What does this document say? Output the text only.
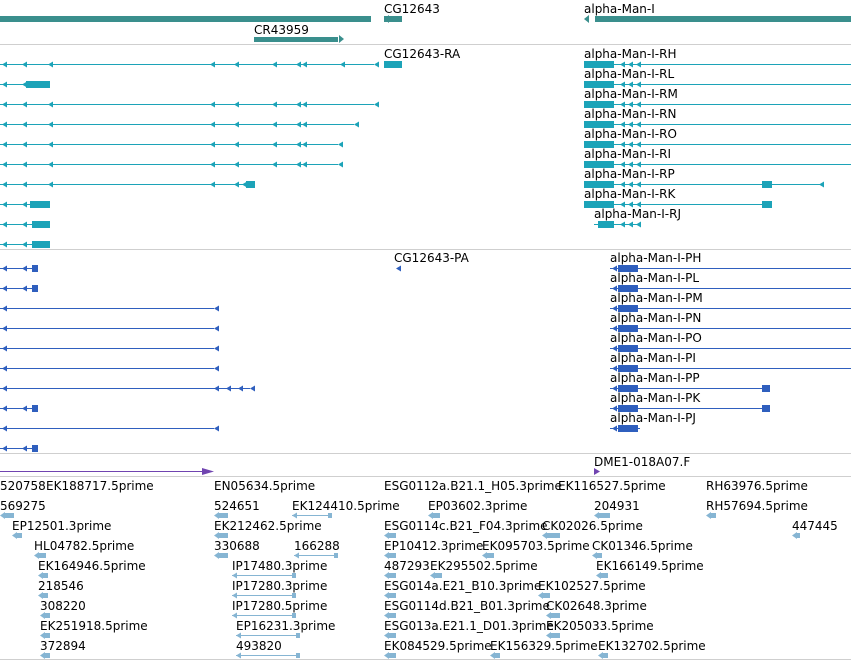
CG12643	alpha-Man-I
CR43959
CG12643-RA	alpha-Man-I-RH
alpha-Man-I-RL
alpha-Man-I-RM
alpha-Man-I-RN
alpha-Man-I-RO
alpha-Man-I-RI
alpha-Man-I-RP
alpha-Man-I-RK
alpha-Man-I-RJ
CG12643-PA	alpha-Man-I-PH
alpha-Man-I-PL
alpha-Man-I-PM
alpha-Man-I-PN
alpha-Man-I-PO
alpha-Man-I-PI
alpha-Man-I-PP
alpha-Man-I-PK
alpha-Man-I-PJ
DME1-018A07.F
520758 EK188717.5prime	EN05634.5prime	ESG0112a.B21.1_H05.3prime
EK116527.5prime	RH63976.5prime
569275	524651	EK124410.5prime EP03602.3prime	204931	RH57694.5prime
EP12501.3prime	EK212462.5prime	ESG0114c.B21_F04.3prime
CK02026.5prime	447445
HL04782.5prime	330688	166288	EP10412.3prime
EK095703.5prime CK01346.5prime
EK164946.5prime	IP17480.3prime	487293 EK295502.5prime	EK166149.5prime
218546	IP17280.3prime	ESG014a.E21_B10.3prime
EK102527.5prime
308220	IP17280.5prime	ESG0114d.B21_B01.3prime
CK02648.3prime
EK251918.5prime	EP16231.3prime	ESG013a.E21.1_D01.3prime
EK205033.5prime
372894	493820	EK084529.5prime
EK156329.5prime EK132702.5prime
